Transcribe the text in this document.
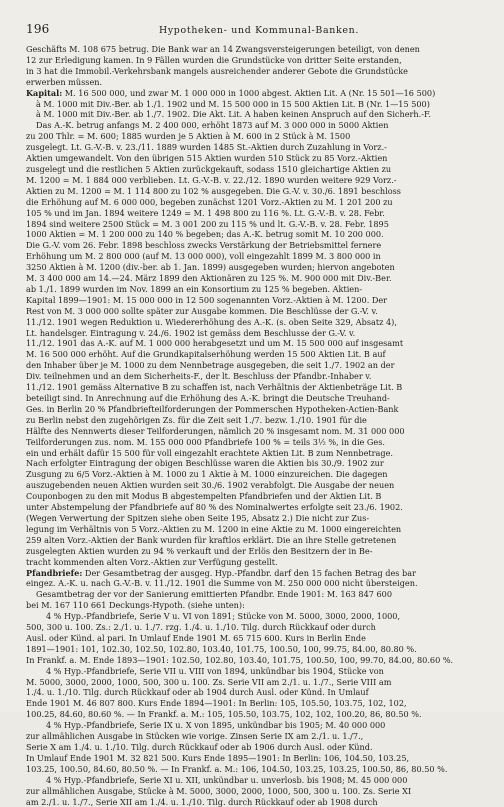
196	Hypotheken- und Kommunal-Banken.
Geschäfts M. 108 675 betrug. Die Bank war an 14 Zwangsversteigerungen beteiligt, von denen
12 zur Erledigung kamen. In 9 Fällen wurden die Grundstücke von dritter Seite erstanden,
in 3 hat die Immobil.-Verkehrsbank mangels ausreichender anderer Gebote die Grundstücke
erwerben müssen.
Kapital: M. 16 500 000, und zwar M. 1 000 000 in 1000 abgest. Aktien Lit. A (Nr. 15 501—16 500)
à M. 1000 mit Div.-Ber. ab 1./1. 1902 und M. 15 500 000 in 15 500 Aktien Lit. B (Nr. 1—15 500)
à M. 1000 mit Div.-Ber. ab 1./7. 1902. Die Akt. Lit. A haben keinen Anspruch auf den Sicherh.-F.
Das A.-K. betrug anfangs M. 2 400 000, erhöht 1873 auf M. 3 000 000 in 5000 Aktien
zu 200 Thlr. = M. 600; 1885 wurden je 5 Aktien à M. 600 in 2 Stück à M. 1500
zusgelegt. Lt. G.-V.-B. v. 23./11. 1889 wurden 1485 St.-Aktien durch Zuzahlung in Vorz.-
Aktien umgewandelt. Von den übrigen 515 Aktien wurden 510 Stück zu 85 Vorz.-Aktien
zusgelegt und die restlichen 5 Aktien zurückgekauft, sodass 1510 gleichartige Aktien zu
M. 1200 = M. 1 884 000 verblieben. Lt. G.-V.-B. v. 22./12. 1890 wurden weitere 929 Vorz.-
Aktien zu M. 1200 = M. 1 114 800 zu 102 % ausgegeben. Die G.-V. v. 30./6. 1891 beschloss
die Erhöhung auf M. 6 000 000, begeben zunächst 1201 Vorz.-Aktien zu M. 1 201 200 zu
105 % und im Jan. 1894 weitere 1249 = M. 1 498 800 zu 116 %. Lt. G.-V.-B. v. 28. Febr.
1894 sind weitere 2500 Stück = M. 3 001 200 zu 115 % und lt. G.-V.-B. v. 28. Febr. 1895
1000 Aktien = M. 1 200 000 zu 140 % begeben; das A.-K. betrug somit M. 10 200 000.
Die G.-V. vom 26. Febr. 1898 beschloss zwecks Verstärkung der Betriebsmittel fernere
Erhöhung um M. 2 800 000 (auf M. 13 000 000), voll eingezahlt 1899 M. 3 800 000 in
3250 Aktien à M. 1200 (div.-ber. ab 1. Jan. 1899) ausgegeben wurden; hiervon angeboten
M. 3 400 000 am 14.—24. März 1899 den Aktionären zu 125 %. M. 900 000 mit Div.-Ber.
ab 1./1. 1899 wurden im Nov. 1899 an ein Konsortium zu 125 % begeben. Aktien-
Kapital 1899—1901: M. 15 000 000 in 12 500 sogenannten Vorz.-Aktien à M. 1200. Der
Rest von M. 3 000 000 sollte später zur Ausgabe kommen. Die Beschlüsse der G.-V. v.
11./12. 1901 wegen Reduktion u. Wiedererhöhung des A.-K. (s. oben Seite 329, Absatz 4),
Lt. handelsger. Eintragung v. 24./6. 1902 ist gemäss dem Beschlusse der G.-V. v.
11./12. 1901 das A.-K. auf M. 1 000 000 herabgesetzt und um M. 15 500 000 auf insgesamt
M. 16 500 000 erhöht. Auf die Grundkapitalserhöhung werden 15 500 Aktien Lit. B auf
den Inhaber über je M. 1000 zu dem Nennbetrage ausgegeben, die seit 1./7. 1902 an der
Div. teilnehmen und an dem Sicherheits-F., der lt. Beschluss der Pfandbr.-Inhaber v.
11./12. 1901 gemäss Alternative B zu schaffen ist, nach Verhältnis der Aktienbeträge Lit. B
beteiligt sind. In Anrechnung auf die Erhöhung des A.-K. bringt die Deutsche Treuhand-
Ges. in Berlin 20 % Pfandbriefteilforderungen der Pommerschen Hypotheken-Actien-Bank
zu Berlin nebst den zugehörigen Zs. für die Zeit seit 1./7. bezw. 1./10. 1901 für die
Hälfte des Nennwerts dieser Teilforderungen, nämlich 20 % insgesamt nom. M. 31 000 000
Teilforderungen zus. nom. M. 155 000 000 Pfandbriefe 100 % = teils 3½ %, in die Ges.
ein und erhält dafür 15 500 für voll eingezahlt erachtete Aktien Lit. B zum Nennbetrage.
Nach erfolgter Eintragung der obigen Beschlüsse waren die Aktien bis 30./9. 1902 zur
Zusgung zu 6/5 Vorz.-Aktien à M. 1000 zu 1 Aktie à M. 1000 einzureichen. Die dagegen
auszugebenden neuen Aktien wurden seit 30./6. 1902 verabfolgt. Die Ausgabe der neuen
Couponbogen zu den mit Modus B abgestempelten Pfandbriefen und der Aktien Lit. B
unter Abstempelung der Pfandbriefe auf 80 % des Nominalwertes erfolgte seit 23./6. 1902.
(Wegen Verwertung der Spitzen siehe oben Seite 195, Absatz 2.) Die nicht zur Zus-
legung im Verhältnis von 5 Vorz.-Aktien zu M. 1200 in eine Aktie zu M. 1000 eingereichten
259 alten Vorz.-Aktien der Bank wurden für kraftlos erklärt. Die an ihre Stelle getretenen
zusgelegten Aktien wurden zu 94 % verkauft und der Erlös den Besitzern der in Be-
tracht kommenden alten Vorz.-Aktien zur Verfügung gestellt.
Pfandbriefe: Der Gesamtbetrag der ausgeg. Hyp.-Pfandbr. darf den 15 fachen Betrag des bar
eingez. A.-K. u. nach G.-V.-B. v. 11./12. 1901 die Summe von M. 250 000 000 nicht übersteigen.
Gesamtbetrag der vor der Sanierung emittierten Pfandbr. Ende 1901: M. 163 847 600
bei M. 167 110 661 Deckungs-Hypoth. (siehe unten):
4 % Hyp.-Pfandbriefe, Serie V u. VI von 1891; Stücke von M. 5000, 3000, 2000, 1000,
500, 300 u. 100. Zs.: 2./1. u. 1./7. rzg. 1./4. u. 1./10. Tilg. durch Rückkauf oder durch
Ausl. oder Künd. al pari. In Umlauf Ende 1901 M. 65 715 600. Kurs in Berlin Ende
1891—1901: 101, 102.30, 102.50, 102.80, 103.40, 101.75, 100.50, 100, 99.75, 84.00, 80.80 %.
In Frankf. a. M. Ende 1893—1901: 102.50, 102.80, 103.40, 101.75, 100.50, 100, 99.70, 84.00, 80.60 %.
4 % Hyp.-Pfandbriefe, Serie VII u. VIII von 1894, unkündbar bis 1904, Stücke von
M. 5000, 3000, 2000, 1000, 500, 300 u. 100. Zs. Serie VII am 2./1. u. 1./7., Serie VIII am
1./4. u. 1./10. Tilg. durch Rückkauf oder ab 1904 durch Ausl. oder Künd. In Umlauf
Ende 1901 M. 46 807 800. Kurs Ende 1894—1901: In Berlin: 105, 105.50, 103.75, 102, 102,
100.25, 84.60, 80.60 %. — In Frankf. a. M.: 105, 105.50, 103.75, 102, 102, 100.20, 86, 80.50 %.
4 % Hyp.-Pfandbriefe, Serie IX u. X von 1895, unkündbar bis 1905; M. 40 000 000
zur allmählichen Ausgabe in Stücken wie vorige. Zinsen Serie IX am 2./1. u. 1./7.,
Serie X am 1./4. u. 1./10. Tilg. durch Rückkauf oder ab 1906 durch Ausl. oder Künd.
In Umlauf Ende 1901 M. 32 821 500. Kurs Ende 1895—1901: In Berlin: 106, 104.50, 103.25,
103.25, 100.50, 84.60, 80.50 %. — In Frankf. a. M.: 106, 104.50, 103.25, 103.25, 100.50, 86, 80.50 %.
4 % Hyp.-Pfandbriefe, Serie XI u. XII, unkündbar u. unverlosb. bis 1908; M. 45 000 000
zur allmählichen Ausgabe, Stücke à M. 5000, 3000, 2000, 1000, 500, 300 u. 100. Zs. Serie XI
am 2./1. u. 1./7., Serie XII am 1./4. u. 1./10. Tilg. durch Rückkauf oder ab 1908 durch
